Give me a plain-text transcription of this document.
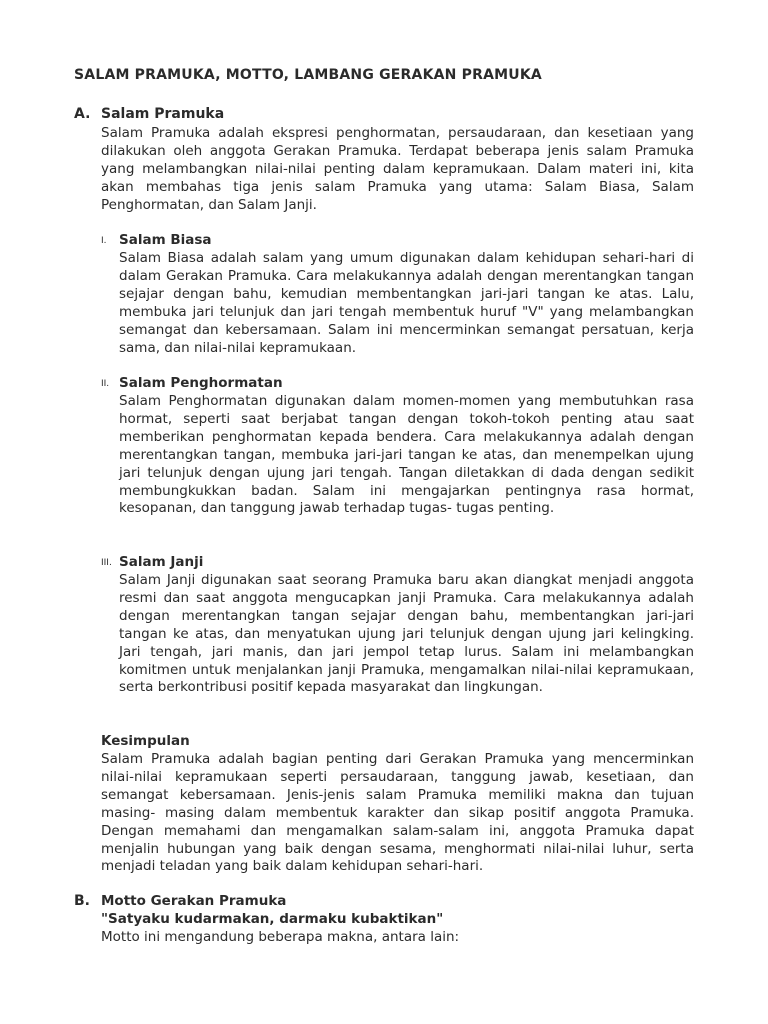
SALAM PRAMUKA, MOTTO, LAMBANG GERAKAN PRAMUKA
A. Salam Pramuka

Salam Pramuka adalah ekspresi penghormatan, persaudaraan, dan kesetiaan yang dilakukan oleh anggota Gerakan Pramuka. Terdapat beberapa jenis salam Pramuka yang melambangkan nilai-nilai penting dalam kepramukaan. Dalam materi ini, kita akan membahas tiga jenis salam Pramuka yang utama: Salam Biasa, Salam Penghormatan, dan Salam Janji.

I. Salam Biasa

Salam Biasa adalah salam yang umum digunakan dalam kehidupan sehari-hari di dalam Gerakan Pramuka. Cara melakukannya adalah dengan merentangkan tangan sejajar dengan bahu, kemudian membentangkan jari-jari tangan ke atas. Lalu, membuka jari telunjuk dan jari tengah membentuk huruf "V" yang melambangkan semangat dan kebersamaan. Salam ini mencerminkan semangat persatuan, kerja sama, dan nilai-nilai kepramukaan.

II. Salam Penghormatan

Salam Penghormatan digunakan dalam momen-momen yang membutuhkan rasa hormat, seperti saat berjabat tangan dengan tokoh-tokoh penting atau saat memberikan penghormatan kepada bendera. Cara melakukannya adalah dengan merentangkan tangan, membuka jari-jari tangan ke atas, dan menempelkan ujung jari telunjuk dengan ujung jari tengah. Tangan diletakkan di dada dengan sedikit membungkukkan badan. Salam ini mengajarkan pentingnya rasa hormat, kesopanan, dan tanggung jawab terhadap tugas- tugas penting.

III. Salam Janji

Salam Janji digunakan saat seorang Pramuka baru akan diangkat menjadi anggota resmi dan saat anggota mengucapkan janji Pramuka. Cara melakukannya adalah dengan merentangkan tangan sejajar dengan bahu, membentangkan jari-jari tangan ke atas, dan menyatukan ujung jari telunjuk dengan ujung jari kelingking. Jari tengah, jari manis, dan jari jempol tetap lurus. Salam ini melambangkan komitmen untuk menjalankan janji Pramuka, mengamalkan nilai-nilai kepramukaan, serta berkontribusi positif kepada masyarakat dan lingkungan.

Kesimpulan

Salam Pramuka adalah bagian penting dari Gerakan Pramuka yang mencerminkan nilai-nilai kepramukaan seperti persaudaraan, tanggung jawab, kesetiaan, dan semangat kebersamaan. Jenis-jenis salam Pramuka memiliki makna dan tujuan masing- masing dalam membentuk karakter dan sikap positif anggota Pramuka. Dengan memahami dan mengamalkan salam-salam ini, anggota Pramuka dapat menjalin hubungan yang baik dengan sesama, menghormati nilai-nilai luhur, serta menjadi teladan yang baik dalam kehidupan sehari-hari.

B. Motto Gerakan Pramuka
"Satyaku kudarmakan, darmaku kubaktikan"

Motto ini mengandung beberapa makna, antara lain:
